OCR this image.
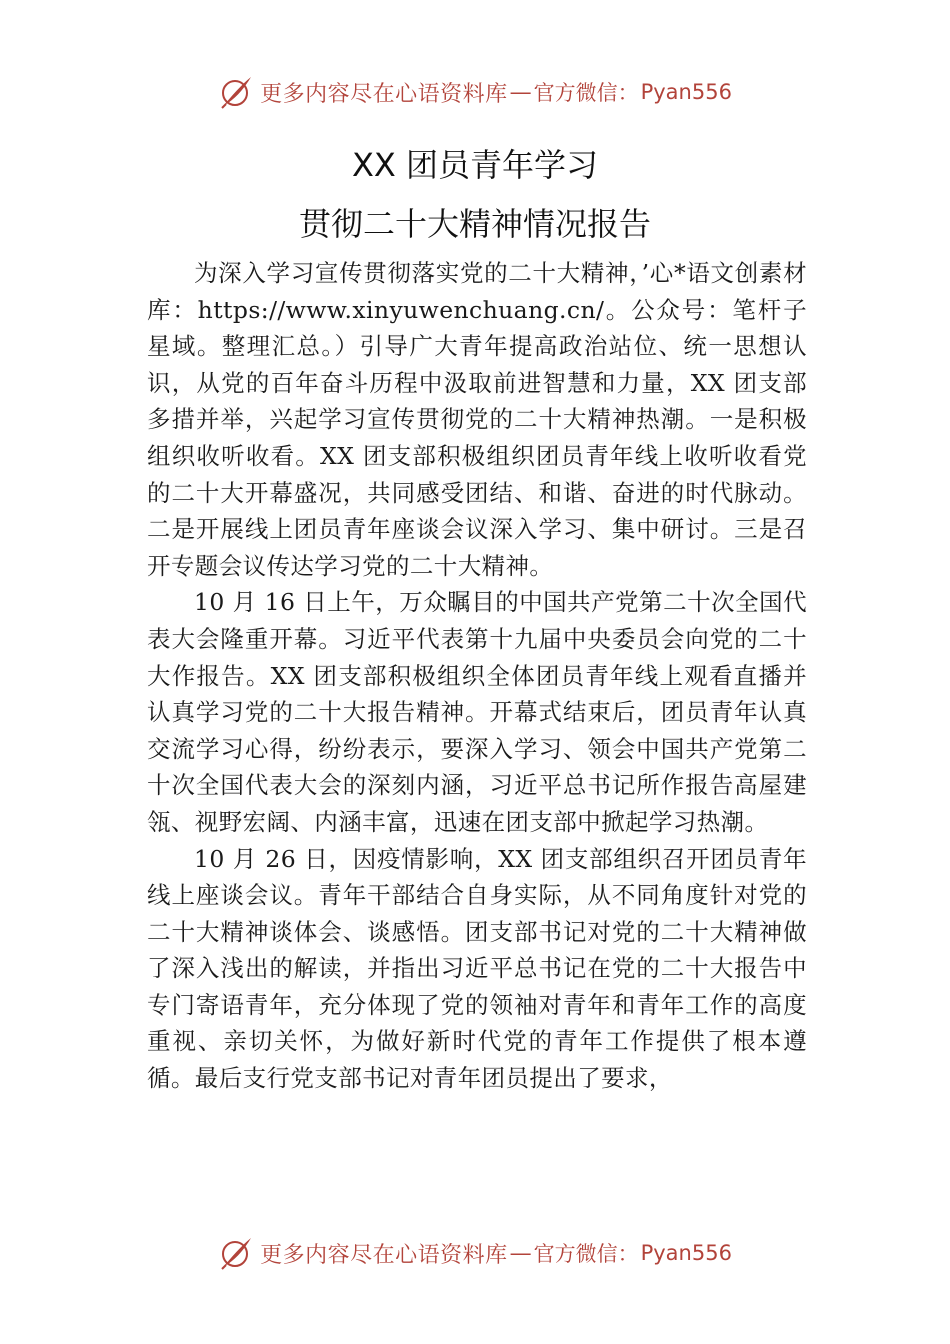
更多内容尽在心语资料库 — 官方微信： Pyan556
XX 团员青年学习
贯彻二十大精神情况报告

为深入学习宣传贯彻落实党的二十大精神，’心*语文创素材库：https://www.xinyuwenchuang.cn/。公众号：笔杆子星域。整理汇总。）引导广大青年提高政治站位、统一思想认识，从党的百年奋斗历程中汲取前进智慧和力量，XX 团支部多措并举，兴起学习宣传贯彻党的二十大精神热潮。一是积极组织收听收看。XX 团支部积极组织团员青年线上收听收看党的二十大开幕盛况，共同感受团结、和谐、奋进的时代脉动。二是开展线上团员青年座谈会议深入学习、集中研讨。三是召开专题会议传达学习党的二十大精神。

10 月 16 日上午，万众瞩目的中国共产党第二十次全国代表大会隆重开幕。习近平代表第十九届中央委员会向党的二十大作报告。XX 团支部积极组织全体团员青年线上观看直播并认真学习党的二十大报告精神。开幕式结束后，团员青年认真交流学习心得，纷纷表示，要深入学习、领会中国共产党第二十次全国代表大会的深刻内涵，习近平总书记所作报告高屋建瓴、视野宏阔、内涵丰富，迅速在团支部中掀起学习热潮。

10 月 26 日，因疫情影响，XX 团支部组织召开团员青年线上座谈会议。青年干部结合自身实际，从不同角度针对党的二十大精神谈体会、谈感悟。团支部书记对党的二十大精神做了深入浅出的解读，并指出习近平总书记在党的二十大报告中专门寄语青年，充分体现了党的领袖对青年和青年工作的高度重视、亲切关怀，为做好新时代党的青年工作提供了根本遵循。最后支行党支部书记对青年团员提出了要求，

更多内容尽在心语资料库 — 官方微信： Pyan556
